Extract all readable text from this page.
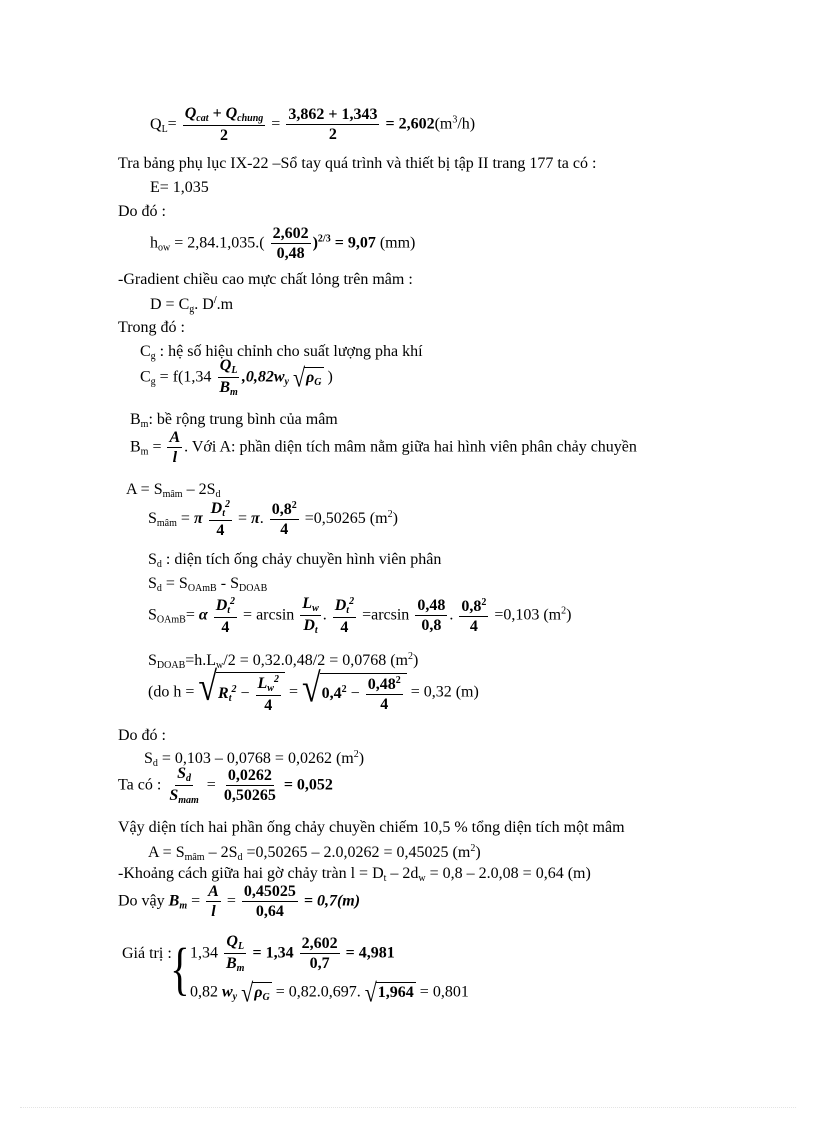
$Q_L= \frac{Q_{cat} + Q_{chung}}{2} = \frac{3,862 + 1,343}{2} = 2,602(m^3/h)$
Tra bảng phụ lục IX-22 –Sổ tay quá trình và thiết bị tập II trang 177 ta có :
E= 1,035
Do đó :
$h_{ow} = 2,84.1,035.( \frac{2,602}{0,48} )^{2/3} = 9,07$ (mm)
-Gradient chiều cao mực chất lỏng trên mâm :
$D = C_g$. D/.m
Trong đó :
$C_g$ : hệ số hiệu chỉnh cho suất lượng pha khí
$C_g = f(1,34 \frac{Q_L}{B_m} ,0,82w_y$ √ $\rho_G$ )
$B_m$: bề rộng trung bình của mâm
$B_m = \frac{A}{l}$ . Với A: phần diện tích mâm nằm giữa hai hình viên phân chảy chuyền
$A = S_{mâm} - 2S_d$
$S_{mâm} = \pi \frac{D_t^2}{4} = \pi$. $\frac{0,8^2}{4} =0,50265$ $(m^2)$
$S_d$ : diện tích ống chảy chuyền hình viên phân
$S_d = S_{OAmB} - S_{DOAB}$
$S_{OAmB}= \alpha \frac{D_t^2}{4} = \arcsin \frac{L_w}{D_t}$ . $\frac{D_t^2}{4} =\arcsin \frac{0,48}{0,8}$ . $\frac{0,8^2}{4} =0,103$ $(m^2)$
$S_{DOAB}=h.L_w/2 = 0,32.0,48/2 = 0,0768$ $(m^2)$
(do h = √ $R_t^2 - \frac{L_w^2}{4}$ = √ $0,4^2 - \frac{0,48^2}{4} = 0,32$ (m)
Do đó :
$S_d = 0,103 - 0,0768 = 0,0262$ $(m^2)$
Ta có : $\frac{S_d}{S_{mam}} = \frac{0,0262}{0,50265} = 0,052$
Vậy diện tích hai phần ống chảy chuyền chiếm 10,5 % tổng diện tích một mâm
$A = S_{mâm} - 2S_d =0,50265 - 2.0,0262 = 0,45025$ $(m^2)$
-Khoảng cách giữa hai gờ chảy tràn $l = D_t - 2d_w = 0,8 - 2.0,08 = 0,64$ (m)
Do vậy $B_m = \frac{A}{l} = \frac{0,45025}{0,64} = 0,7(m)$
Giá trị :
{ $1,34 \frac{Q_L}{B_m} = 1,34 \frac{2,602}{0,7} = 4,981$
0,82 $w_y$ √ $\rho_G = 0,82.0,697$. √ 1,964 = 0,801
